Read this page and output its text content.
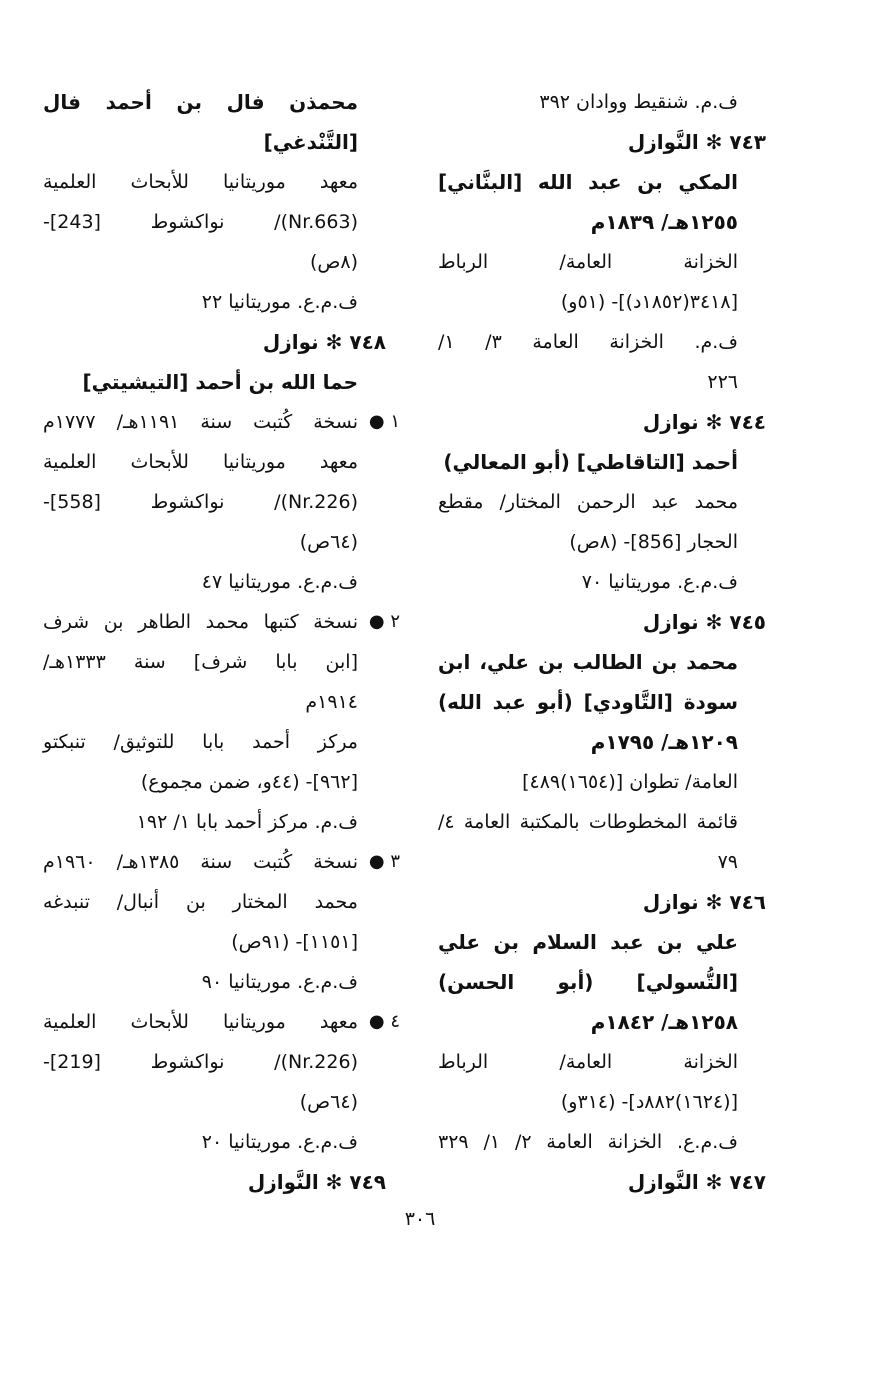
ف.م. شنقيط ووادان ٣٩٢
٧٤٣ ✻ النَّوازل
المكي بن عبد الله [البنَّاني]
١٢٥٥هـ/ ١٨٣٩م
الخزانة العامة/ الرباط
[٣٤١٨(١٨٥٢د)]- (٥١و)
ف.م. الخزانة العامة ٣/ ١/
٢٢٦
٧٤٤ ✻ نوازل
أحمد [التاقاطي] (أبو المعالي)
محمد عبد الرحمن المختار/ مقطع
الحجار [856]- (٨ص)
ف.م.ع. موريتانيا ٧٠
٧٤٥ ✻ نوازل
محمد بن الطالب بن علي، ابن
سودة [التَّاودي] (أبو عبد الله)
١٢٠٩هـ/ ١٧٩٥م
العامة/ تطوان [(١٦٥٤)٤٨٩]
قائمة المخطوطات بالمكتبة العامة ٤/
٧٩
٧٤٦ ✻ نوازل
علي بن عبد السلام بن علي
[التُّسولي] (أبو الحسن)
١٢٥٨هـ/ ١٨٤٢م
الخزانة العامة/ الرباط
[(١٦٢٤)٨٨٢د]- (٣١٤و)
ف.م.ع. الخزانة العامة ٢/ ١/ ٣٢٩
٧٤٧ ✻ النَّوازل
محمذن فال بن أحمد فال
[التَّنْدغي]
معهد موريتانيا للأبحاث العلمية
(Nr.663)/ نواكشوط [243]-
(٨ص)
ف.م.ع. موريتانيا ٢٢
٧٤٨ ✻ نوازل
حما الله بن أحمد [التيشيتي]
١ ●
نسخة كُتبت سنة ١١٩١هـ/ ١٧٧٧م
معهد موريتانيا للأبحاث العلمية
(Nr.226)/ نواكشوط [558]-
(٦٤ص)
ف.م.ع. موريتانيا ٤٧
٢ ●
نسخة كتبها محمد الطاهر بن شرف
[ابن بابا شرف] سنة ١٣٣٣هـ/
١٩١٤م
مركز أحمد بابا للتوثيق/ تنبكتو
[٩٦٢]- (٤٤و، ضمن مجموع)
ف.م. مركز أحمد بابا ١/ ١٩٢
٣ ●
نسخة كُتبت سنة ١٣٨٥هـ/ ١٩٦٠م
محمد المختار بن أنبال/ تنبدغه
[١١٥١]- (٩١ص)
ف.م.ع. موريتانيا ٩٠
٤ ●
معهد موريتانيا للأبحاث العلمية
(Nr.226)/ نواكشوط [219]-
(٦٤ص)
ف.م.ع. موريتانيا ٢٠
٧٤٩ ✻ النَّوازل
٣٠٦
